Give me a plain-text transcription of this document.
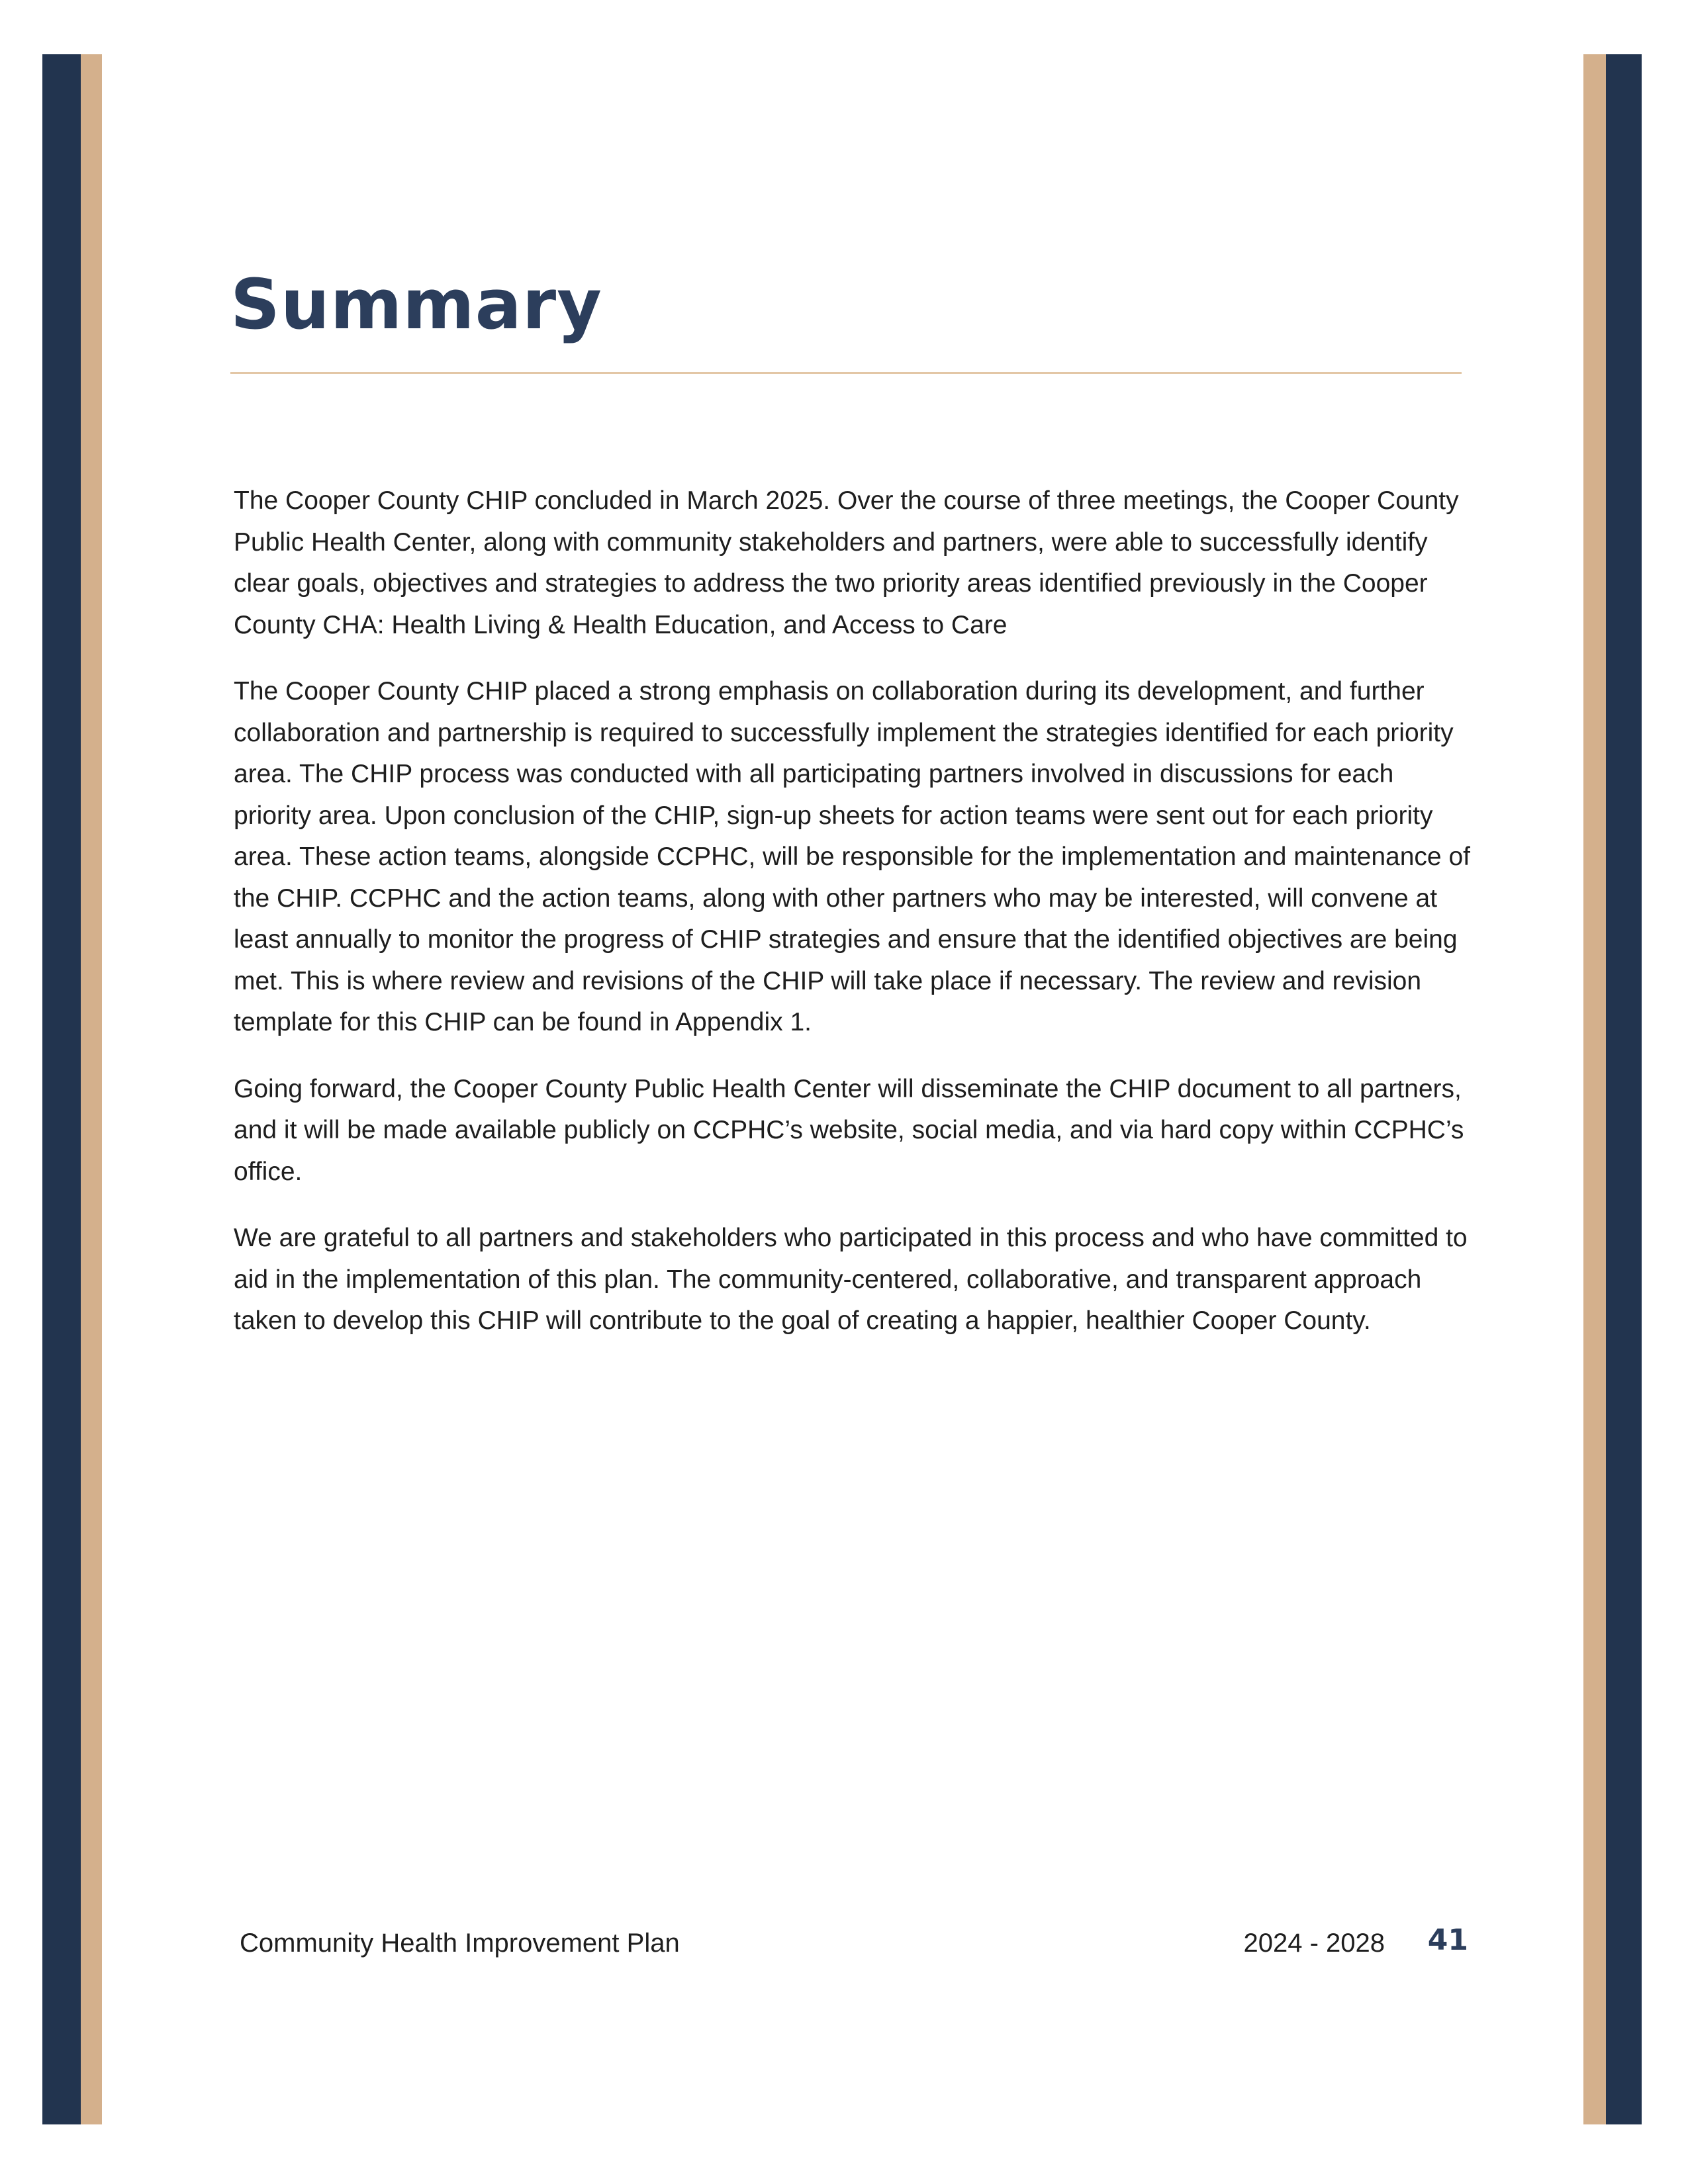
Summary

The Cooper County CHIP concluded in March 2025. Over the course of three meetings, the Cooper County Public Health Center, along with community stakeholders and partners, were able to successfully identify clear goals, objectives and strategies to address the two priority areas identified previously in the Cooper County CHA: Health Living & Health Education, and Access to Care

The Cooper County CHIP placed a strong emphasis on collaboration during its development, and further collaboration and partnership is required to successfully implement the strategies identified for each priority area. The CHIP process was conducted with all participating partners involved in discussions for each priority area. Upon conclusion of the CHIP, sign-up sheets for action teams were sent out for each priority area. These action teams, alongside CCPHC, will be responsible for the implementation and maintenance of the CHIP. CCPHC and the action teams, along with other partners who may be interested, will convene at least annually to monitor the progress of CHIP strategies and ensure that the identified objectives are being met. This is where review and revisions of the CHIP will take place if necessary. The review and revision template for this CHIP can be found in Appendix 1.

Going forward, the Cooper County Public Health Center will disseminate the CHIP document to all partners, and it will be made available publicly on CCPHC’s website, social media, and via hard copy within CCPHC’s office.

We are grateful to all partners and stakeholders who participated in this process and who have committed to aid in the implementation of this plan. The community-centered, collaborative, and transparent approach taken to develop this CHIP will contribute to the goal of creating a happier, healthier Cooper County.

Community Health Improvement Plan	2024 - 2028 41
